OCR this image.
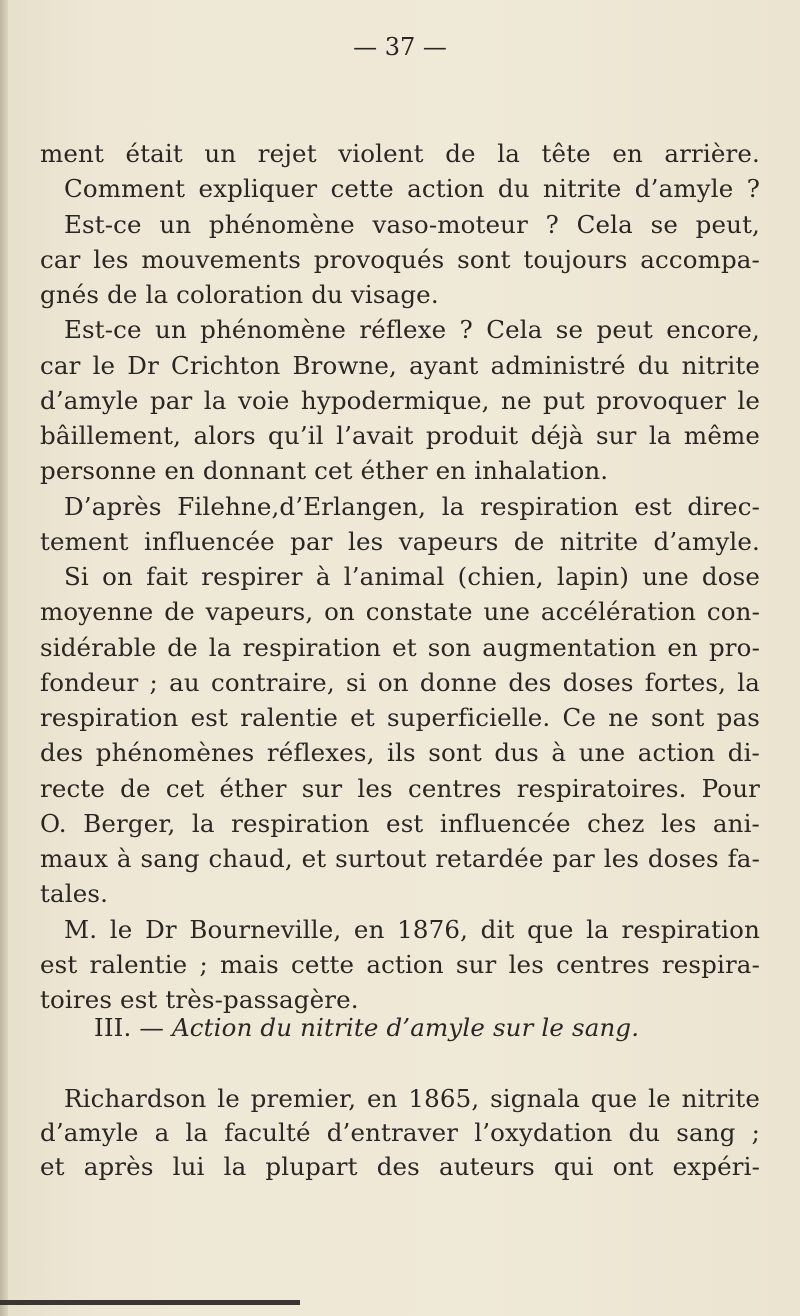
— 37 —
ment était un rejet violent de la tête en arrière.
Comment expliquer cette action du nitrite d’amyle ?
Est-ce un phénomène vaso-moteur ? Cela se peut,
car les mouvements provoqués sont toujours accompa-
gnés de la coloration du visage.
Est-ce un phénomène réflexe ? Cela se peut encore,
car le Dr Crichton Browne, ayant administré du nitrite
d’amyle par la voie hypodermique, ne put provoquer le
bâillement, alors qu’il l’avait produit déjà sur la même
personne en donnant cet éther en inhalation.
D’après Filehne,d’Erlangen, la respiration est direc-
tement influencée par les vapeurs de nitrite d’amyle.
Si on fait respirer à l’animal (chien, lapin) une dose
moyenne de vapeurs, on constate une accélération con-
sidérable de la respiration et son augmentation en pro-
fondeur ; au contraire, si on donne des doses fortes, la
respiration est ralentie et superficielle. Ce ne sont pas
des phénomènes réflexes, ils sont dus à une action di-
recte de cet éther sur les centres respiratoires. Pour
O. Berger, la respiration est influencée chez les ani-
maux à sang chaud, et surtout retardée par les doses fa-
tales.
M. le Dr Bourneville, en 1876, dit que la respiration
est ralentie ; mais cette action sur les centres respira-
toires est très-passagère.
III. — Action du nitrite d’amyle sur le sang.
Richardson le premier, en 1865, signala que le nitrite
d’amyle a la faculté d’entraver l’oxydation du sang ;
et après lui la plupart des auteurs qui ont expéri-
